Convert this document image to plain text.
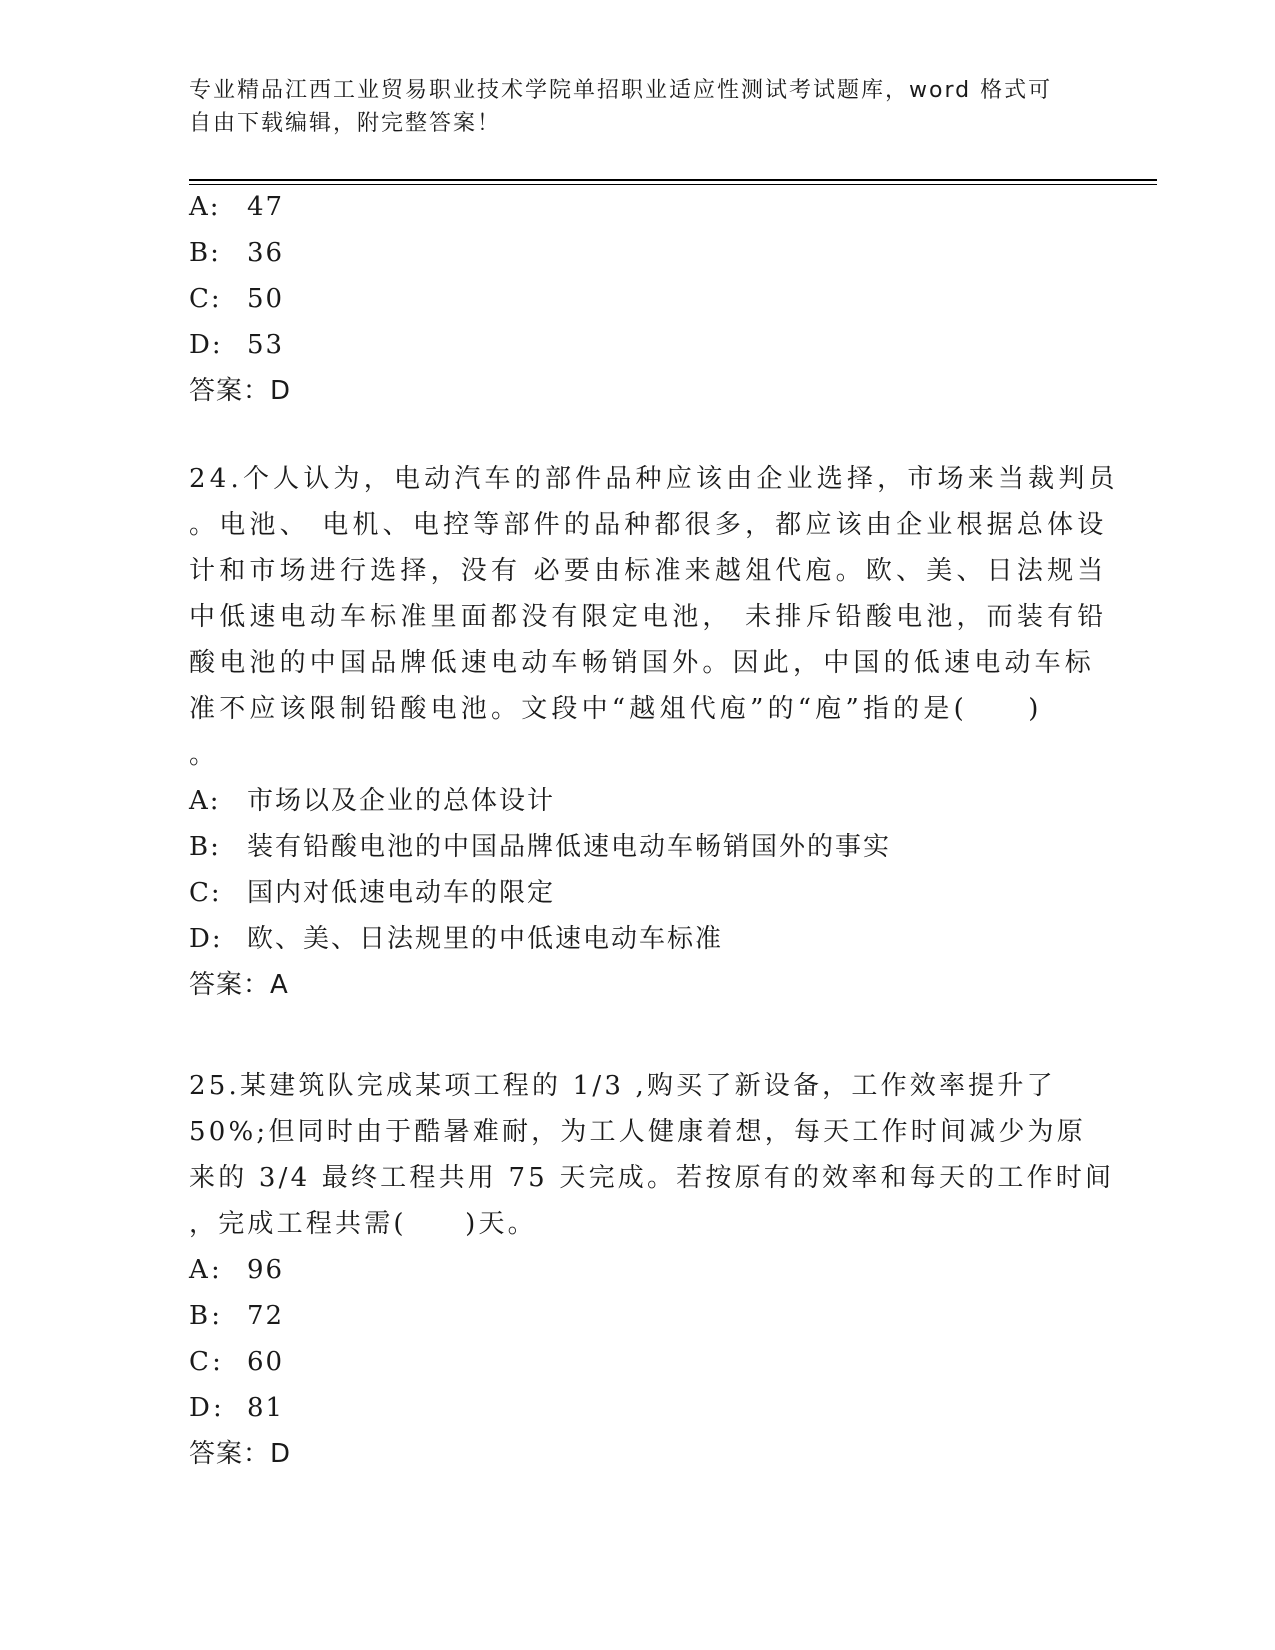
专业精品江西工业贸易职业技术学院单招职业适应性测试考试题库，word 格式可
自由下载编辑，附完整答案！
A:	47
B:	36
C: 50
D: 53
答案：D
24.个人认为，电动汽车的部件品种应该由企业选择，市场来当裁判员
。电池、 电机、电控等部件的品种都很多，都应该由企业根据总体设
计和市场进行选择，没有 必要由标准来越俎代庖。欧、美、日法规当
中低速电动车标准里面都没有限定电池， 未排斥铅酸电池，而装有铅
酸电池的中国品牌低速电动车畅销国外。因此，中国的低速电动车标
准不应该限制铅酸电池。文段中“越俎代庖”的“庖”指的是(　　)
。
A:	市场以及企业的总体设计
B:	装有铅酸电池的中国品牌低速电动车畅销国外的事实
C: 国内对低速电动车的限定
D: 欧、美、日法规里的中低速电动车标准
答案：A
25.某建筑队完成某项工程的 1/3 ,购买了新设备，工作效率提升了
50%;但同时由于酷暑难耐，为工人健康着想，每天工作时间减少为原
来的 3/4 最终工程共用 75 天完成。若按原有的效率和每天的工作时间
，完成工程共需(　　)天。
A: 96
B: 72
C: 60
D: 81
答案：D
